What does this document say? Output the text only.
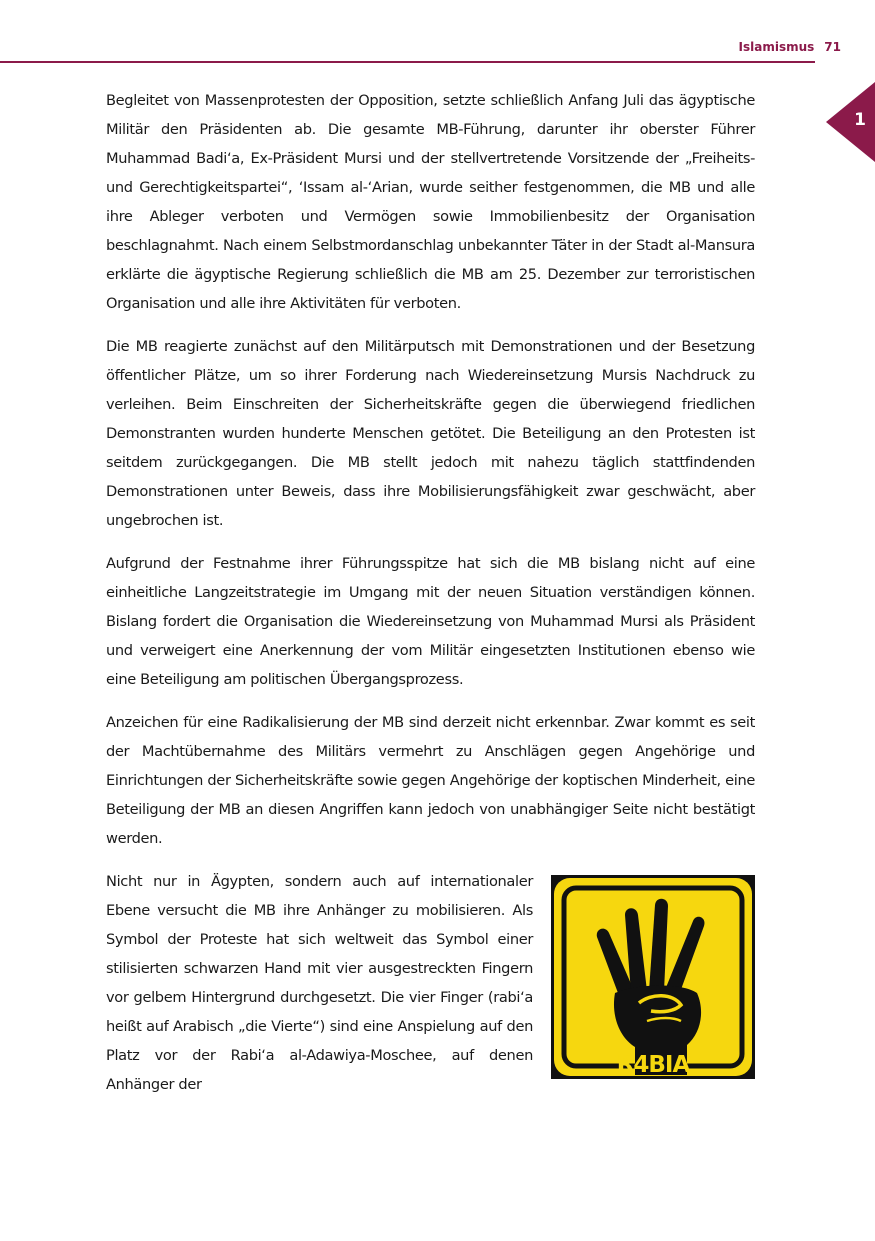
Islamismus 71
1

Begleitet von Massenprotesten der Opposition, setzte schließlich Anfang Juli das ägyptische Militär den Präsidenten ab. Die gesamte MB-Führung, darunter ihr oberster Führer Muhammad Badi‘a, Ex-Präsident Mursi und der stellvertretende Vorsitzende der „Freiheits- und Gerechtigkeitspartei“, ‘Issam al-‘Arian, wurde seither festgenommen, die MB und alle ihre Ableger verboten und Vermögen sowie Immobilienbesitz der Organisation beschlagnahmt. Nach einem Selbstmordanschlag unbekannter Täter in der Stadt al-Mansura erklärte die ägyptische Regierung schließlich die MB am 25. Dezember zur terroristischen Organisation und alle ihre Aktivitäten für verboten.

Die MB reagierte zunächst auf den Militärputsch mit Demonstrationen und der Besetzung öffentlicher Plätze, um so ihrer Forderung nach Wiedereinsetzung Mursis Nachdruck zu verleihen. Beim Einschreiten der Sicherheitskräfte gegen die überwiegend friedlichen Demonstranten wurden hunderte Menschen getötet. Die Beteiligung an den Protesten ist seitdem zurückgegangen. Die MB stellt jedoch mit nahezu täglich stattfindenden Demonstrationen unter Beweis, dass ihre Mobilisierungsfähigkeit zwar geschwächt, aber ungebrochen ist.

Aufgrund der Festnahme ihrer Führungsspitze hat sich die MB bislang nicht auf eine einheitliche Langzeitstrategie im Umgang mit der neuen Situation verständigen können. Bislang fordert die Organisation die Wiedereinsetzung von Muhammad Mursi als Präsident und verweigert eine Anerkennung der vom Militär eingesetzten Institutionen ebenso wie eine Beteiligung am politischen Übergangsprozess.

Anzeichen für eine Radikalisierung der MB sind derzeit nicht erkennbar. Zwar kommt es seit der Machtübernahme des Militärs vermehrt zu Anschlägen gegen Angehörige und Einrichtungen der Sicherheitskräfte sowie gegen Angehörige der koptischen Minderheit, eine Beteiligung der MB an diesen Angriffen kann jedoch von unabhängiger Seite nicht bestätigt werden.

R4BIA

Nicht nur in Ägypten, sondern auch auf internationaler Ebene versucht die MB ihre Anhänger zu mobilisieren. Als Symbol der Proteste hat sich weltweit das Symbol einer stilisierten schwarzen Hand mit vier ausgestreckten Fingern vor gelbem Hintergrund durchgesetzt. Die vier Finger (rabi‘a heißt auf Arabisch „die Vierte“) sind eine Anspielung auf den Platz vor der Rabi‘a al-Adawiya-Moschee, auf denen Anhänger der
